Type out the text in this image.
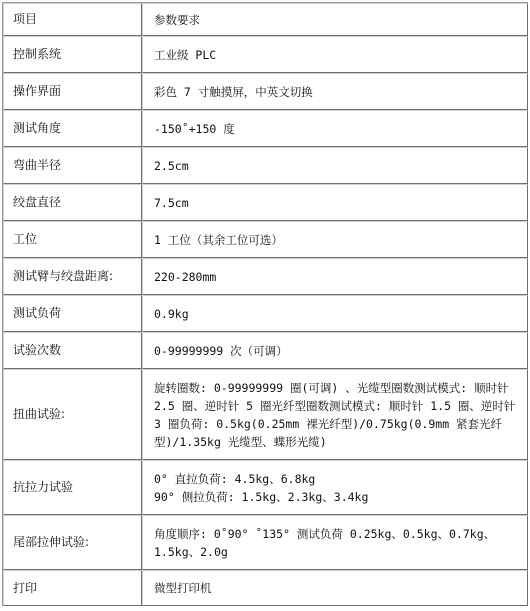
项目	参数要求
控制系统	工业级 PLC
操作界面	彩色 7 寸触摸屏，中英文切换
测试角度	-150˚+150 度
弯曲半径	2.5cm
绞盘直径	7.5cm
工位	1 工位（其余工位可选）
测试臂与绞盘距离:	220-280mm
测试负荷	0.9kg
试验次数	0-99999999 次（可调）
扭曲试验:	旋转圈数: 0-99999999 圈(可调) 、光缆型圈数测试模式: 顺时针 2.5 圈、逆时针 5 圈光纤型圈数测试模式: 顺时针 1.5 圈、逆时针 3 圈负荷: 0.5kg(0.25mm 裸光纤型)/0.75kg(0.9mm 紧套光纤型)/1.35kg 光缆型、蝶形光缆)
抗拉力试验	0° 直拉负荷: 4.5kg、6.8kg
90° 侧拉负荷: 1.5kg、2.3kg、3.4kg
尾部拉伸试验:	角度顺序: 0˚90° ˚135° 测试负荷 0.25kg、0.5kg、0.7kg、1.5kg、2.0g
打印	微型打印机
